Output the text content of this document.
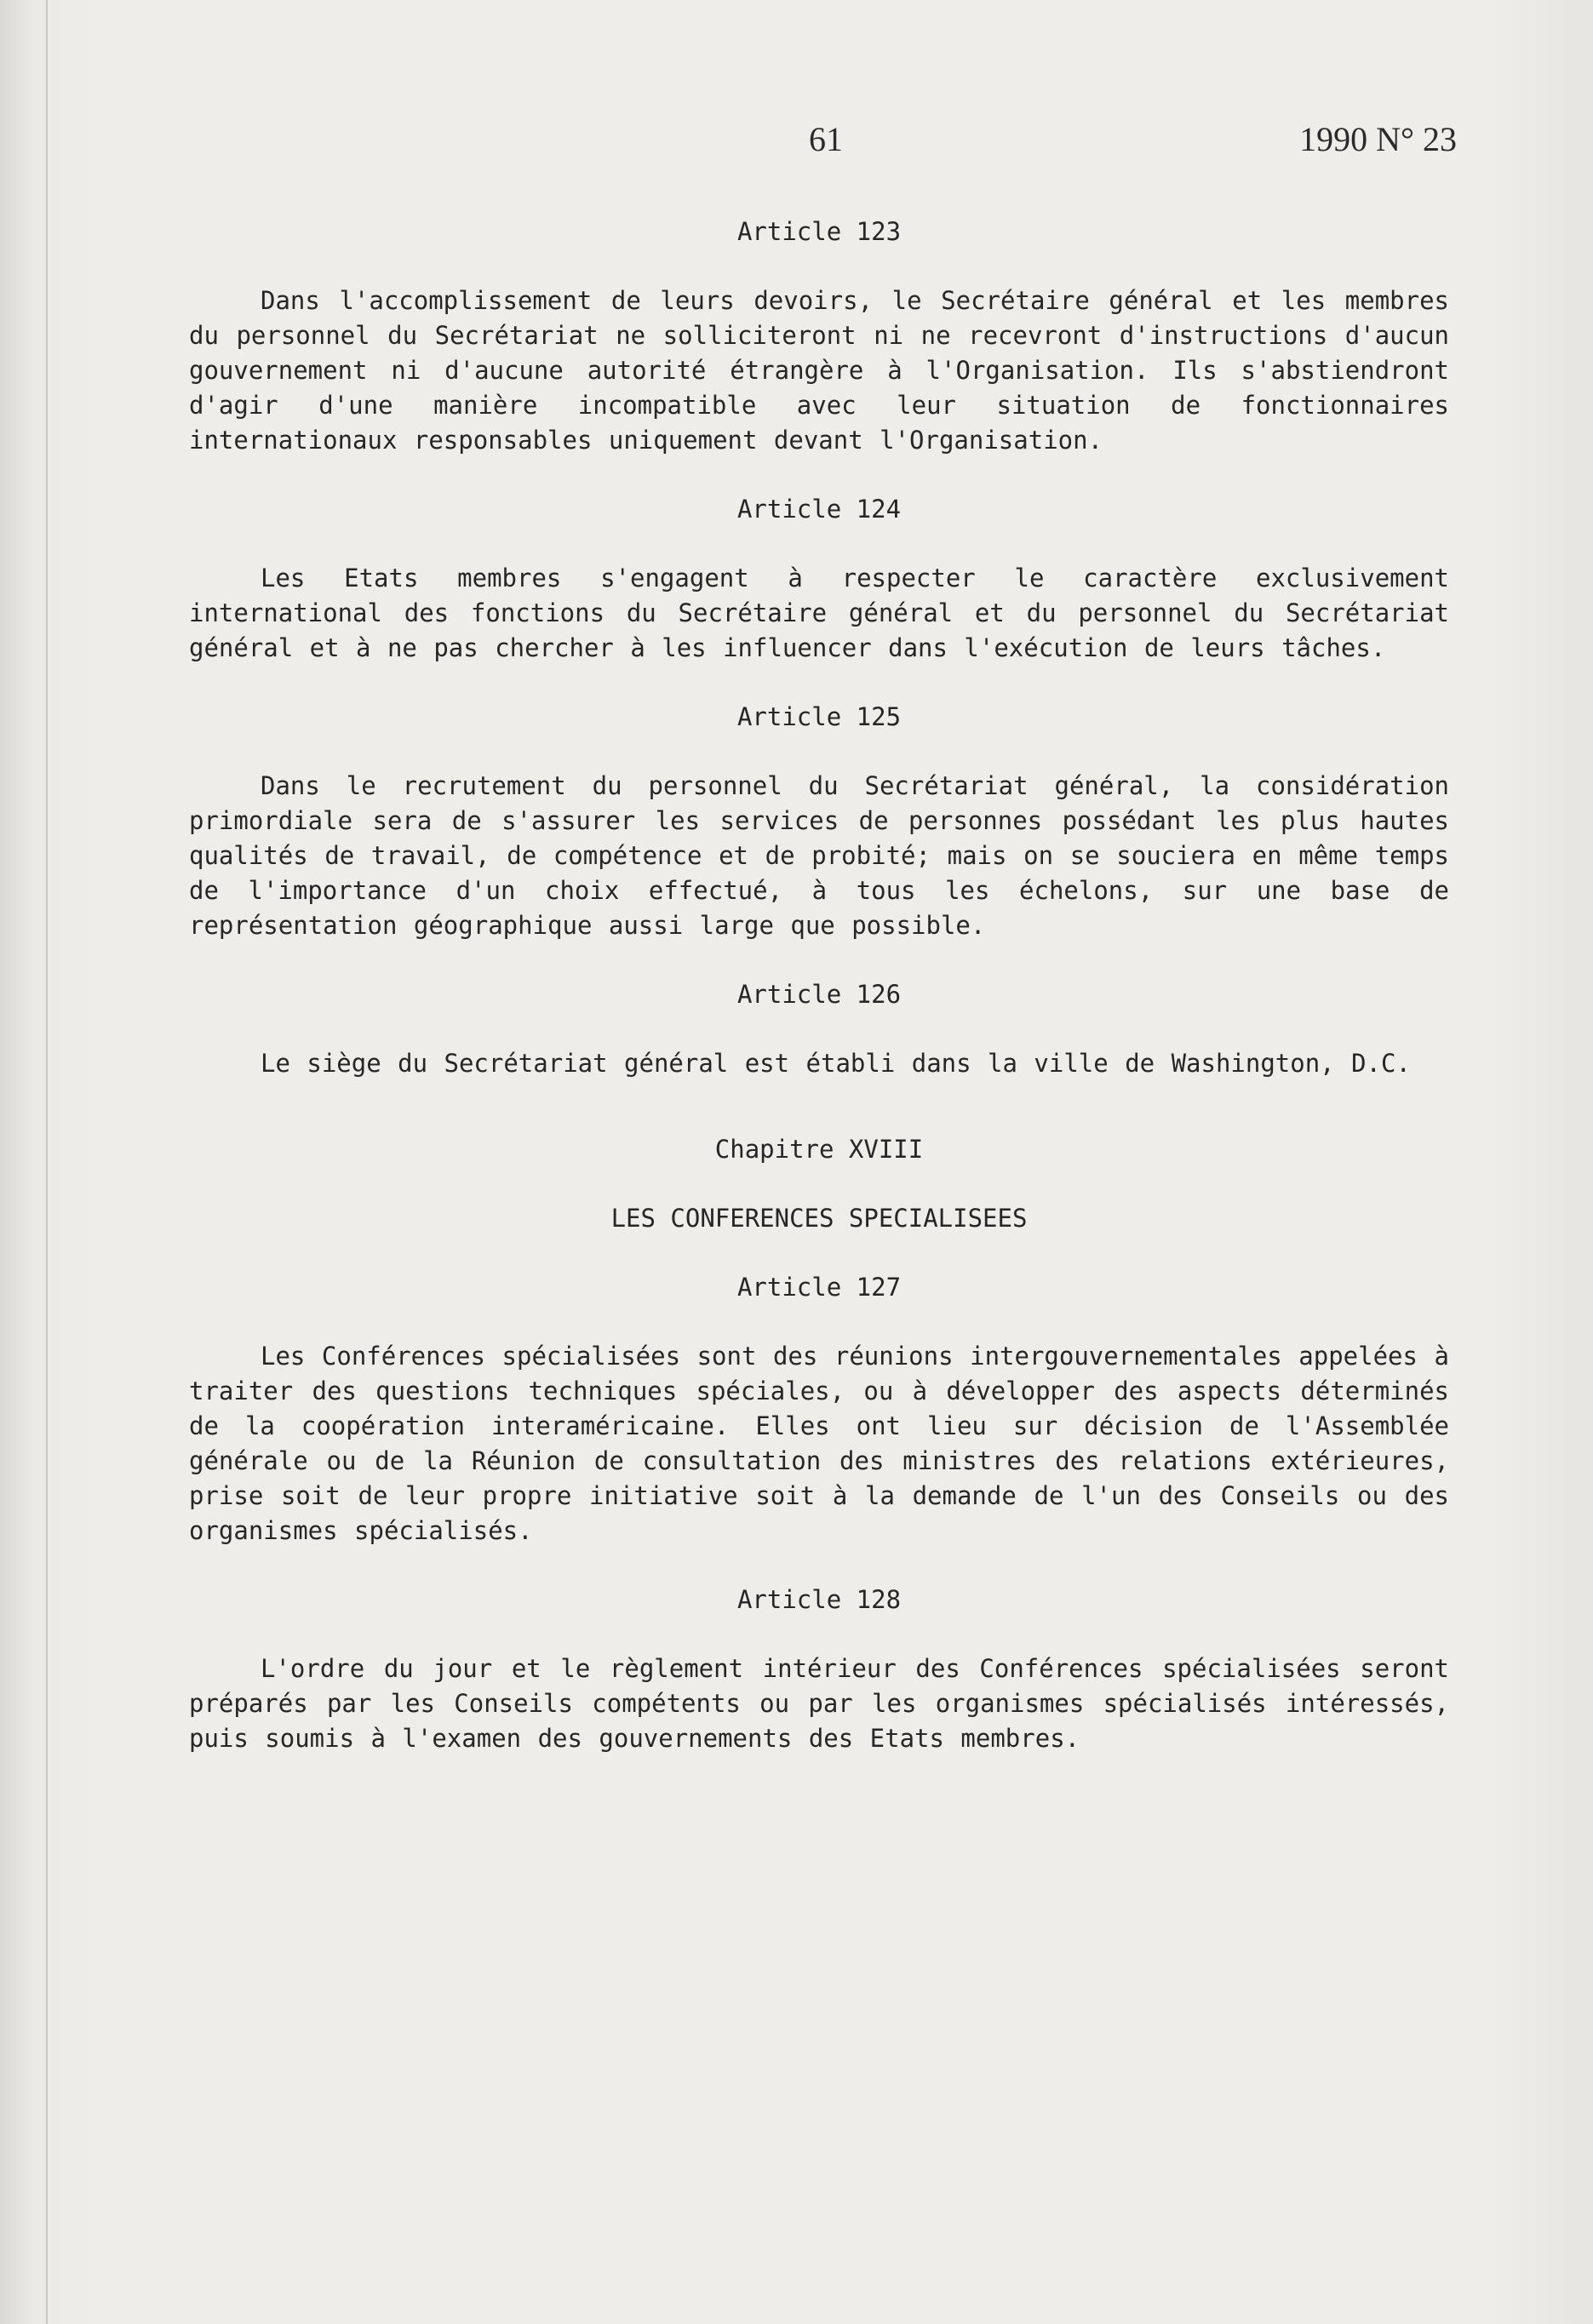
61	1990 N° 23

Article 123

Dans l'accomplissement de leurs devoirs, le Secrétaire général et les membres du personnel du Secrétariat ne solliciteront ni ne recevront d'instructions d'aucun gouvernement ni d'aucune autorité étrangère à l'Organisation. Ils s'abstiendront d'agir d'une manière incompatible avec leur situation de fonctionnaires internationaux responsables uniquement devant l'Organisation.

Article 124

Les Etats membres s'engagent à respecter le caractère exclusivement international des fonctions du Secrétaire général et du personnel du Secrétariat général et à ne pas chercher à les influencer dans l'exécution de leurs tâches.

Article 125

Dans le recrutement du personnel du Secrétariat général, la considération primordiale sera de s'assurer les services de personnes possédant les plus hautes qualités de travail, de compétence et de probité; mais on se souciera en même temps de l'importance d'un choix effectué, à tous les échelons, sur une base de représentation géographique aussi large que possible.

Article 126

Le siège du Secrétariat général est établi dans la ville de Washington, D.C.

Chapitre XVIII

LES CONFERENCES SPECIALISEES

Article 127

Les Conférences spécialisées sont des réunions intergouvernementales appelées à traiter des questions techniques spéciales, ou à développer des aspects déterminés de la coopération interaméricaine. Elles ont lieu sur décision de l'Assemblée générale ou de la Réunion de consultation des ministres des relations extérieures, prise soit de leur propre initiative soit à la demande de l'un des Conseils ou des organismes spécialisés.

Article 128

L'ordre du jour et le règlement intérieur des Conférences spécialisées seront préparés par les Conseils compétents ou par les organismes spécialisés intéressés, puis soumis à l'examen des gouvernements des Etats membres.
